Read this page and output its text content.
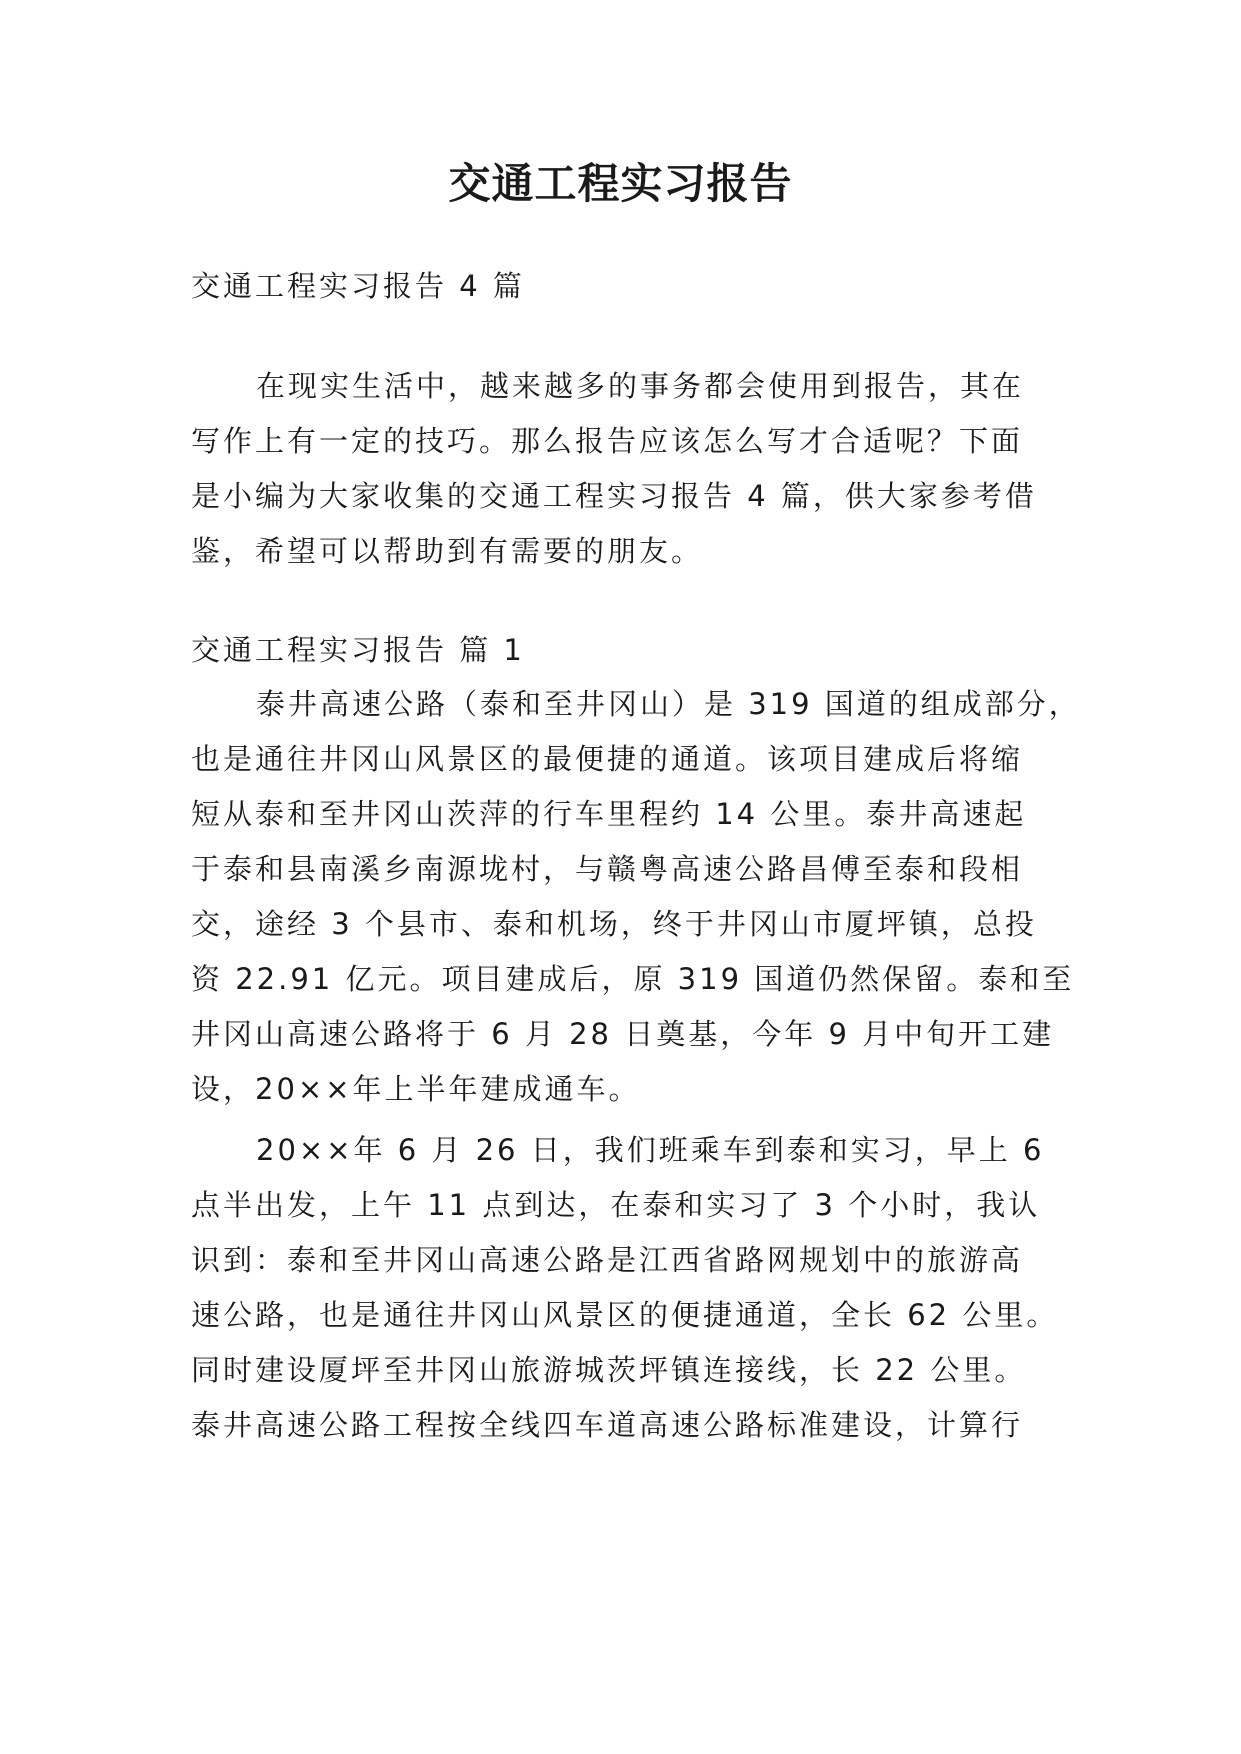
交通工程实习报告
交通工程实习报告 4 篇
在现实生活中，越来越多的事务都会使用到报告，其在
写作上有一定的技巧。那么报告应该怎么写才合适呢？下面
是小编为大家收集的交通工程实习报告 4 篇，供大家参考借
鉴，希望可以帮助到有需要的朋友。
交通工程实习报告 篇 1
泰井高速公路（泰和至井冈山）是 319 国道的组成部分，
也是通往井冈山风景区的最便捷的通道。该项目建成后将缩
短从泰和至井冈山茨萍的行车里程约 14 公里。泰井高速起
于泰和县南溪乡南源垅村，与赣粤高速公路昌傅至泰和段相
交，途经 3 个县市、泰和机场，终于井冈山市厦坪镇，总投
资 22.91 亿元。项目建成后，原 319 国道仍然保留。泰和至
井冈山高速公路将于 6 月 28 日奠基，今年 9 月中旬开工建
设，20××年上半年建成通车。
20××年 6 月 26 日，我们班乘车到泰和实习，早上 6
点半出发，上午 11 点到达，在泰和实习了 3 个小时，我认
识到：泰和至井冈山高速公路是江西省路网规划中的旅游高
速公路，也是通往井冈山风景区的便捷通道，全长 62 公里。
同时建设厦坪至井冈山旅游城茨坪镇连接线，长 22 公里。
泰井高速公路工程按全线四车道高速公路标准建设，计算行
